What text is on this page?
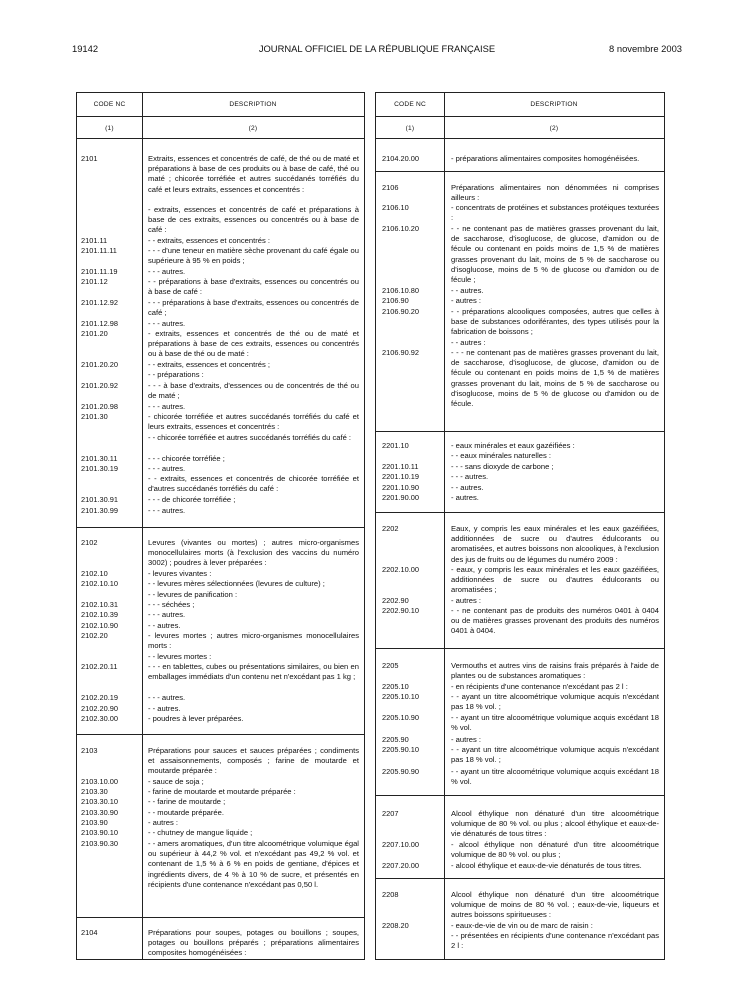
19142	JOURNAL OFFICIEL DE LA RÉPUBLIQUE FRANÇAISE	8 novembre 2003
CODE NC	DESCRIPTION
(1)	(2)
2101	Extraits, essences et concentrés de café, de thé ou de maté et préparations à base de ces produits ou à base de café, thé ou maté ; chicorée torréfiée et autres succédanés torréfiés du café et leurs extraits, essences et concentrés :
- extraits, essences et concentrés de café et préparations à base de ces extraits, essences ou concentrés ou à base de café :
2101.11	- - extraits, essences et concentrés :
2101.11.11	- - - d'une teneur en matière sèche provenant du café égale ou supérieure à 95 % en poids ;
2101.11.19	- - - autres.
2101.12	- - préparations à base d'extraits, essences ou concentrés ou à base de café :
2101.12.92	- - - préparations à base d'extraits, essences ou concentrés de café ;
2101.12.98	- - - autres.
2101.20	- extraits, essences et concentrés de thé ou de maté et préparations à base de ces extraits, essences ou concentrés ou à base de thé ou de maté :
2101.20.20	- - extraits, essences et concentrés ;
- - préparations :
2101.20.92	- - - à base d'extraits, d'essences ou de concentrés de thé ou de maté ;
2101.20.98	- - - autres.
2101.30	- chicorée torréfiée et autres succédanés torréfiés du café et leurs extraits, essences et concentrés :
- - chicorée torréfiée et autres succédanés torréfiés du café :
2101.30.11	- - - chicorée torréfiée ;
2101.30.19	- - - autres.
- - extraits, essences et concentrés de chicorée torréfiée et d'autres succédanés torréfiés du café :
2101.30.91	- - - de chicorée torréfiée ;
2101.30.99	- - - autres.
2102	Levures (vivantes ou mortes) ; autres micro-organismes monocellulaires morts (à l'exclusion des vaccins du numéro 3002) ; poudres à lever préparées :
2102.10	- levures vivantes :
2102.10.10	- - levures mères sélectionnées (levures de culture) ;
- - levures de panification :
2102.10.31	- - - séchées ;
2102.10.39	- - - autres.
2102.10.90	- - autres.
2102.20	- levures mortes ; autres micro-organismes monocellulaires morts :
- - levures mortes :
2102.20.11	- - - en tablettes, cubes ou présentations similaires, ou bien en emballages immédiats d'un contenu net n'excédant pas 1 kg ;
2102.20.19	- - - autres.
2102.20.90	- - autres.
2102.30.00	- poudres à lever préparées.
2103	Préparations pour sauces et sauces préparées ; condiments et assaisonnements, composés ; farine de moutarde et moutarde préparée :
2103.10.00	- sauce de soja ;
2103.30	- farine de moutarde et moutarde préparée :
2103.30.10	- - farine de moutarde ;
2103.30.90	- - moutarde préparée.
2103.90	- autres :
2103.90.10	- - chutney de mangue liquide ;
2103.90.30	- - amers aromatiques, d'un titre alcoométrique volumique égal ou supérieur à 44,2 % vol. et n'excédant pas 49,2 % vol. et contenant de 1,5 % à 6 % en poids de gentiane, d'épices et ingrédients divers, de 4 % à 10 % de sucre, et présentés en récipients d'une contenance n'excédant pas 0,50 l.
2104	Préparations pour soupes, potages ou bouillons ; soupes, potages ou bouillons préparés ; préparations alimentaires composites homogénéisées :
CODE NC	DESCRIPTION
(1)	(2)
2104.20.00	- préparations alimentaires composites homogénéisées.
2106	Préparations alimentaires non dénommées ni comprises ailleurs :
2106.10	- concentrats de protéines et substances protéiques texturées :
2106.10.20	- - ne contenant pas de matières grasses provenant du lait, de saccharose, d'isoglucose, de glucose, d'amidon ou de fécule ou contenant en poids moins de 1,5 % de matières grasses provenant du lait, moins de 5 % de saccharose ou d'isoglucose, moins de 5 % de glucose ou d'amidon ou de fécule ;
2106.10.80	- - autres.
2106.90	- autres :
2106.90.20	- - préparations alcooliques composées, autres que celles à base de substances odoriférantes, des types utilisés pour la fabrication de boissons ;
- - autres :
2106.90.92	- - - ne contenant pas de matières grasses provenant du lait, de saccharose, d'isoglucose, de glucose, d'amidon ou de fécule ou contenant en poids moins de 1,5 % de matières grasses provenant du lait, moins de 5 % de saccharose ou d'isoglucose, moins de 5 % de glucose ou d'amidon ou de fécule.
2201.10	- eaux minérales et eaux gazéifiées :
- - eaux minérales naturelles :
2201.10.11	- - - sans dioxyde de carbone ;
2201.10.19	- - - autres.
2201.10.90	- - autres.
2201.90.00	- autres.
2202	Eaux, y compris les eaux minérales et les eaux gazéifiées, additionnées de sucre ou d'autres édulcorants ou aromatisées, et autres boissons non alcooliques, à l'exclusion des jus de fruits ou de légumes du numéro 2009 :
2202.10.00	- eaux, y compris les eaux minérales et les eaux gazéifiées, additionnées de sucre ou d'autres édulcorants ou aromatisées ;
2202.90	- autres :
2202.90.10	- - ne contenant pas de produits des numéros 0401 à 0404 ou de matières grasses provenant des produits des numéros 0401 à 0404.
2205	Vermouths et autres vins de raisins frais préparés à l'aide de plantes ou de substances aromatiques :
2205.10	- en récipients d'une contenance n'excédant pas 2 l :
2205.10.10	- - ayant un titre alcoométrique volumique acquis n'excédant pas 18 % vol. ;
2205.10.90	- - ayant un titre alcoométrique volumique acquis excédant 18 % vol.
2205.90	- autres :
2205.90.10	- - ayant un titre alcoométrique volumique acquis n'excédant pas 18 % vol. ;
2205.90.90	- - ayant un titre alcoométrique volumique acquis excédant 18 % vol.
2207	Alcool éthylique non dénaturé d'un titre alcoométrique volumique de 80 % vol. ou plus ; alcool éthylique et eaux-de-vie dénaturés de tous titres :
2207.10.00	- alcool éthylique non dénaturé d'un titre alcoométrique volumique de 80 % vol. ou plus ;
2207.20.00	- alcool éthylique et eaux-de-vie dénaturés de tous titres.
2208	Alcool éthylique non dénaturé d'un titre alcoométrique volumique de moins de 80 % vol. ; eaux-de-vie, liqueurs et autres boissons spiritueuses :
2208.20	- eaux-de-vie de vin ou de marc de raisin :
- - présentées en récipients d'une contenance n'excédant pas 2 l :
